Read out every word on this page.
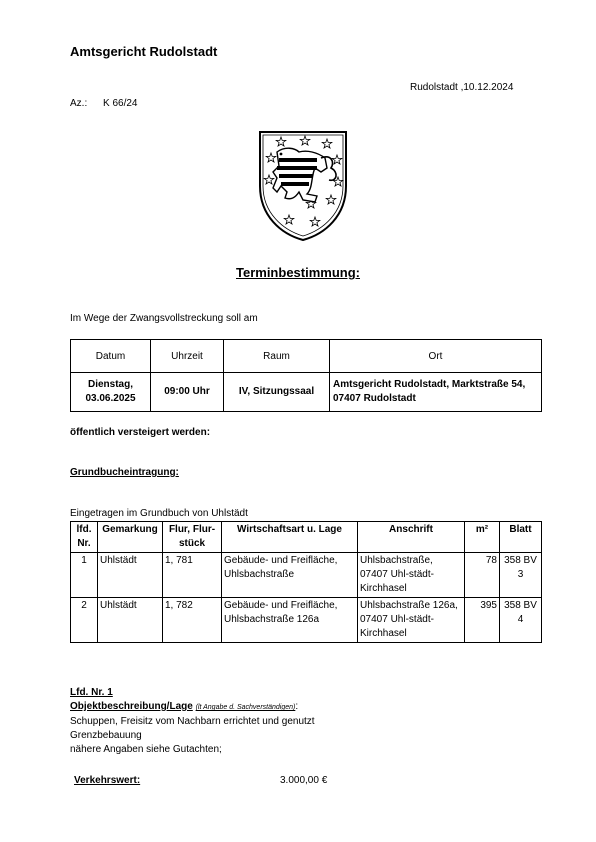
Amtsgericht Rudolstadt
Rudolstadt ,10.12.2024
Az.: K 66/24
Terminbestimmung:
Im Wege der Zwangsvollstreckung soll am
Datum	Uhrzeit	Raum	Ort

Dienstag,
03.06.2025	09:00 Uhr	IV, Sitzungssaal	Amtsgericht Rudolstadt, Marktstraße 54, 07407 Rudolstadt
öffentlich versteigert werden:
Grundbucheintragung:
Eingetragen im Grundbuch von Uhlstädt
lfd. Nr.	Gemarkung	Flur, Flur-stück	Wirtschaftsart u. Lage	Anschrift	m²	Blatt
1	Uhlstädt	1, 781	Gebäude- und Freifläche, Uhlsbachstraße	Uhlsbachstraße, 07407 Uhl-städt-Kirchhasel	78	358 BV 3
2	Uhlstädt	1, 782	Gebäude- und Freifläche, Uhlsbachstraße 126a	Uhlsbachstraße 126a, 07407 Uhl-städt-Kirchhasel	395	358 BV 4
Lfd. Nr. 1
Objektbeschreibung/Lage (lt Angabe d. Sachverständigen):
Schuppen, Freisitz vom Nachbarn errichtet und genutzt
Grenzbebauung
nähere Angaben siehe Gutachten;
Verkehrswert:	3.000,00 €
